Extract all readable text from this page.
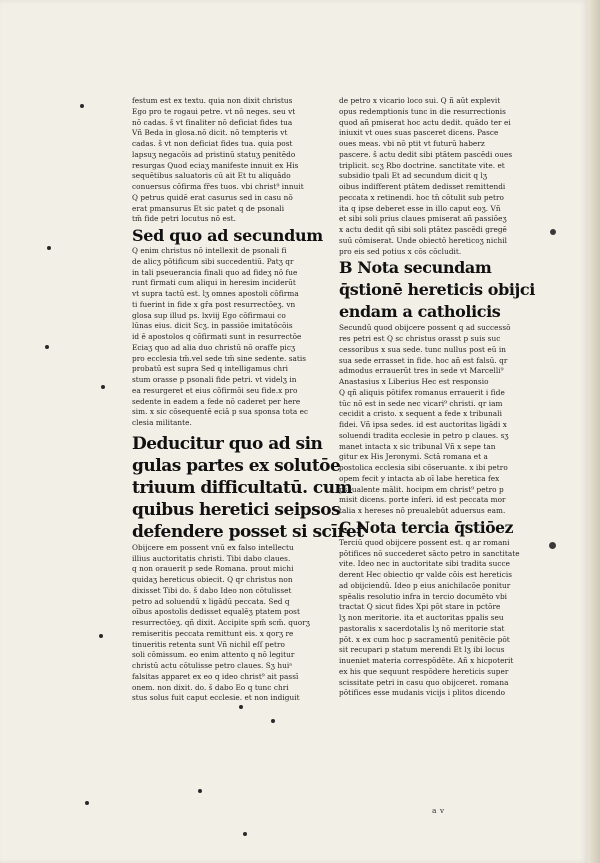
festum est ex textu. quia non dixit christus
Ego pro te rogaui petre. vt nō neges. seu vt
nō cadas. š vt finaliter nō deficiat fides tua
Vñ Beda in glosa.nō dicit. nō tempteris vt
cadas. š vt non deficiat fides tua. quia post
lapsuʒ negacōis ad pristinū statuʒ penitēdo
resurgas Quod eciaʒ manifeste innuit ex His
sequētibus saluatoris cū ait Et tu aliquādo
conuersus cōfirma fr̄es tuos. vbi christ⁹ innuit
Q petrus quidē erat casurus sed in casu nō
erat pmansurus Et sic patet q de psonali
tm̄ fide petri locutus nō est.
Sed quo ad secundum
Q enim christus nō intellexit de psonali fi
de alicʒ pōtificum sibi succedentiū. Patʒ qr
in tali pseuerancia finali quo ad fideʒ nō fue
runt firmati cum aliqui in heresim inciderūt
vt supra tactū est. lʒ omnes apostoli cōfirma
ti fuerint in fide x gr̄a post resurrectōeʒ. vn
glosa sup illud ps. lxviij Ego cōfirmaui co
lūnas eius. dicit Scʒ. in passiōe imitatōcōis
id ē apostolos q cōfirmati sunt in resurrectōe
Eciaʒ quo ad alia duo christū nō oraffe picʒ
pro ecclesia tm̄.vel sede tm̄ sine sedente. satis
probatū est supra Sed q intelligamus chri
stum orasse p psonali fide petri. vt videlʒ in
ea resurgeret et eius cōfirmōi seu fide.x pro
sedente in eadem a fede nō caderet per here
sim. x sic cōsequentē eciā p sua sponsa tota ec
clesia militante.
Deducitur quo ad sin
gulas partes ex solutōe
triuum difficultatū. cum
quibus heretici seipsos
defendere posset si scīret
Obijcere em possent vnū ex falso intellectu
illius auctoritatis christi. Tibi dabo claues.
q non orauerit p sede Romana. prout michi
quidaʒ hereticus obiecit. Q qr christus non
dixisset Tibi do. š dabo Ideo non cōtulisset
petro ad soluendū x ligādū peccata. Sed q
oībus apostolis dedisset equalēʒ ptatem post
resurrectōeʒ. qñ dixit. Accipite spm̄ scm̄. quorʒ
remiseritis peccata remittunt eis. x qorʒ re
tinueritis retenta sunt Vñ nichil eſſ petro
soli cōmissum. eo enim attento q nō legitur
christū actu cōtulisse petro claues. Sʒ huiⁿ
falsitas apparet ex eo q ideo christ⁹ ait passī
onem. non dixit. do. š dabo Eo q tunc chri
stus solus fuit caput ecclesie. et non indiguit
de petro x vicario loco sui. Q ñ aūt explevit
opus redemptionis tunc in die resurrectionis
quod añ pmiserat hoc actu dedit. quādo ter ei
iniuxit vt oues suas pasceret dicens. Pasce
oues meas. vbi nō ptit vt futurū haberz
pascere. š actu dedit sibi ptātem pascēdi oues
triplicit. scʒ Rbo doctrine. sanctitate vite. et
subsidio tpali Et ad secundum dicit q lʒ
oibus indifferent ptātem dedisset remittendi
peccata x retinendi. hoc tn̄ cōtulit sub petro
ita q ipse deberet esse in illo caput eoʒ. Vñ
et sibi soli prius claues pmiserat añ passiōeʒ
x actu dedit qñ sibi soli ptātez pascēdi gregē
suū cōmiserat. Unde obiectō hereticoʒ nichil
pro eis sed potius x cōs cōcludit.
B Nota secundam
q̄stionē hereticis obijci
endam a catholicis
Secundū quod obijcere possent q ad successō
res petri est Q sc christus orasst p suis suc
cessoribus x sua sede. tunc nullus post eū in
sua sede errasset in fide. hoc añ est falsū. qr
admodus errauerūt tres in sede vt Marcelli⁹
Anastasius x Liberius Hec est responsio
Q qñ aliquis pōtifex romanus errauerit i fide
tūc nō est in sede nec vicari⁹ christi. qr iam
cecidit a cristo. x sequent a fede x tribunali
fidei. Vñ ipsa sedes. id est auctoritas ligādi x
soluendi tradita ecclesie in petro p claues. sʒ
manet intacta x sic tribunal Vñ x sepe tan
gitur ex His Jeronymi. Sctā romana et a
postolica ecclesia sibi cōseruante. x ibi petro
opem fecit y intacta ab oī labe heretica fex
pseualente mālit. hocipm em christ⁹ petro p
misit dicens. porte inferi. id est peccata mor
talia x hereses nō preualebūt aduersus eam.
C Nota tercia q̄stiōez
Terciū quod obijcere possent est. q ar romani
pōtifices nō succederet sācto petro in sanctitate
vite. Ideo nec in auctoritate sibi tradita succe
derent Hec obiectio qr valde cōis est hereticis
ad obijciendū. Ideo p eius anichilacōe ponitur
spēalis resolutio infra in tercio documēto vbi
tractat Q sicut fides Xpi pōt stare in pctōre
lʒ non meritorie. ita et auctoritas ppalis seu
pastoralis x sacerdotalis lʒ nō meritorie stat
pōt. x ex cum hoc p sacramentū penitēcie pōt
sit recupari p statum merendi Et lʒ ibi locus
inueniet materia correspōdēte. Añ x hicpoterit
ex his que sequunt respōdere hereticis super
scissitate petri in casu quo obijceret. romana
pōtifices esse mudanis vicijs i plitos dicendo
a v
